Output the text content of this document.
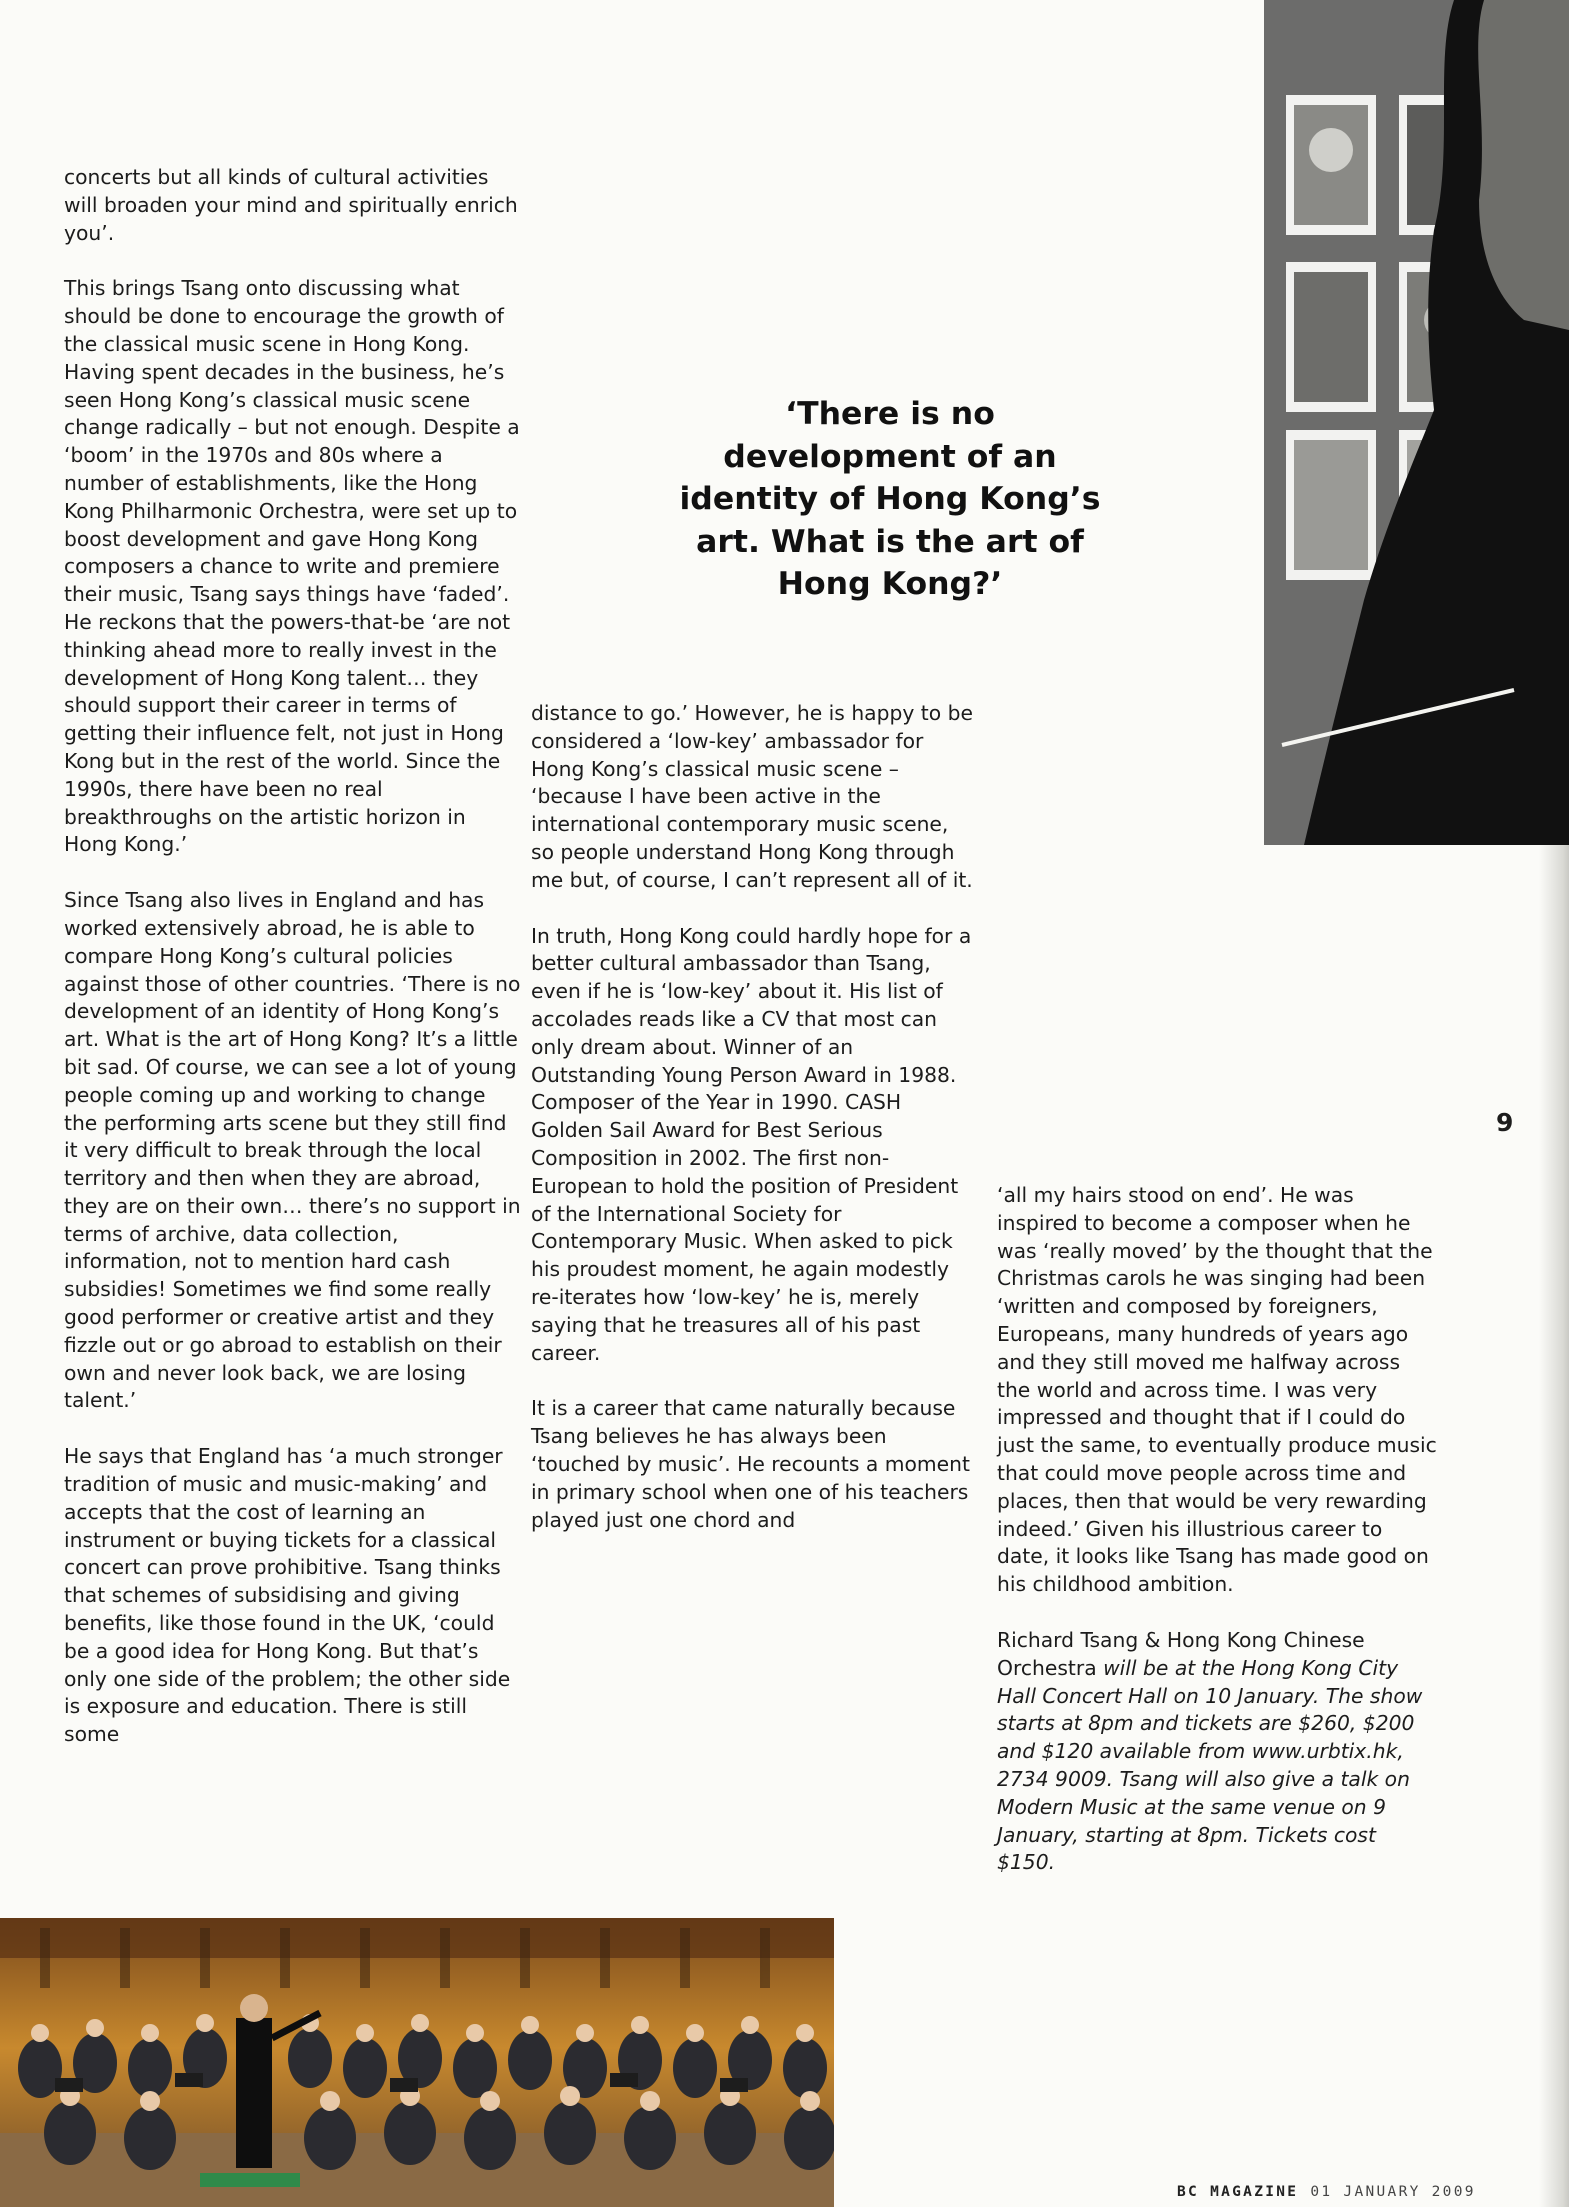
concerts but all kinds of cultural activities will broaden your mind and spiritually enrich you’.

This brings Tsang onto discussing what should be done to encourage the growth of the classical music scene in Hong Kong. Having spent decades in the business, he’s seen Hong Kong’s classical music scene change radically – but not enough. Despite a ‘boom’ in the 1970s and 80s where a number of establishments, like the Hong Kong Philharmonic Orchestra, were set up to boost development and gave Hong Kong composers a chance to write and premiere their music, Tsang says things have ‘faded’. He reckons that the powers-that-be ‘are not thinking ahead more to really invest in the development of Hong Kong talent… they should support their career in terms of getting their influence felt, not just in Hong Kong but in the rest of the world. Since the 1990s, there have been no real breakthroughs on the artistic horizon in Hong Kong.’

Since Tsang also lives in England and has worked extensively abroad, he is able to compare Hong Kong’s cultural policies against those of other countries. ‘There is no development of an identity of Hong Kong’s art. What is the art of Hong Kong? It’s a little bit sad. Of course, we can see a lot of young people coming up and working to change the performing arts scene but they still find it very difficult to break through the local territory and then when they are abroad, they are on their own… there’s no support in terms of archive, data collection, information, not to mention hard cash subsidies! Sometimes we find some really good performer or creative artist and they fizzle out or go abroad to establish on their own and never look back, we are losing talent.’

He says that England has ‘a much stronger tradition of music and music-making’ and accepts that the cost of learning an instrument or buying tickets for a classical concert can prove prohibitive. Tsang thinks that schemes of subsidising and giving benefits, like those found in the UK, ‘could be a good idea for Hong Kong. But that’s only one side of the problem; the other side is exposure and education. There is still some

‘There is no development of an identity of Hong Kong’s art. What is the art of Hong Kong?’

distance to go.’ However, he is happy to be considered a ‘low-key’ ambassador for Hong Kong’s classical music scene – ‘because I have been active in the international contemporary music scene, so people understand Hong Kong through me but, of course, I can’t represent all of it.

In truth, Hong Kong could hardly hope for a better cultural ambassador than Tsang, even if he is ‘low-key’ about it. His list of accolades reads like a CV that most can only dream about. Winner of an Outstanding Young Person Award in 1988. Composer of the Year in 1990. CASH Golden Sail Award for Best Serious Composition in 2002. The first non-European to hold the position of President of the International Society for Contemporary Music. When asked to pick his proudest moment, he again modestly re-iterates how ‘low-key’ he is, merely saying that he treasures all of his past career.

It is a career that came naturally because Tsang believes he has always been ‘touched by music’. He recounts a moment in primary school when one of his teachers played just one chord and

‘all my hairs stood on end’. He was inspired to become a composer when he was ‘really moved’ by the thought that the Christmas carols he was singing had been ‘written and composed by foreigners, Europeans, many hundreds of years ago and they still moved me halfway across the world and across time. I was very impressed and thought that if I could do just the same, to eventually produce music that could move people across time and places, then that would be very rewarding indeed.’ Given his illustrious career to date, it looks like Tsang has made good on his childhood ambition.

Richard Tsang & Hong Kong Chinese Orchestra will be at the Hong Kong City Hall Concert Hall on 10 January. The show starts at 8pm and tickets are $260, $200 and $120 available from www.urbtix.hk, 2734 9009. Tsang will also give a talk on Modern Music at the same venue on 9 January, starting at 8pm. Tickets cost $150.

9
BC MAGAZINE 01 JANUARY 2009
